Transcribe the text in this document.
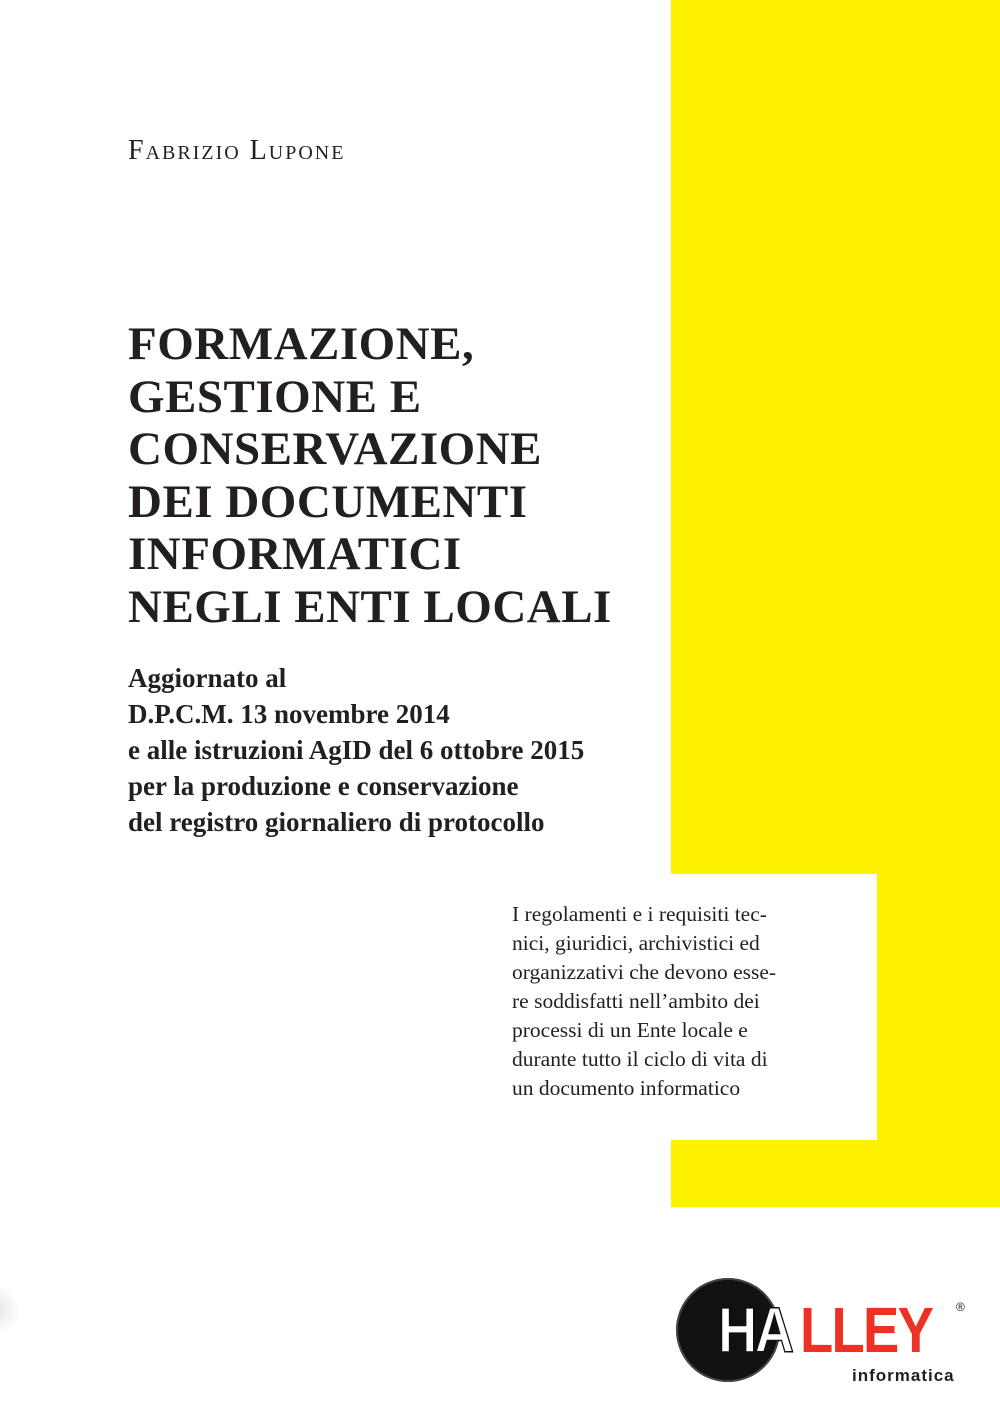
Fabrizio Lupone
FORMAZIONE,
GESTIONE E
CONSERVAZIONE
DEI DOCUMENTI
INFORMATICI
NEGLI ENTI LOCALI
Aggiornato al
D.P.C.M. 13 novembre 2014
e alle istruzioni AgID del 6 ottobre 2015
per la produzione e conservazione
del registro giornaliero di protocollo
I regolamenti e i requisiti tec-
nici, giuridici, archivistici ed
organizzativi che devono esse-
re soddisfatti nell’ambito dei
processi di un Ente locale e
durante tutto il ciclo di vita di
un documento informatico
HA LLEY ®
informatica
